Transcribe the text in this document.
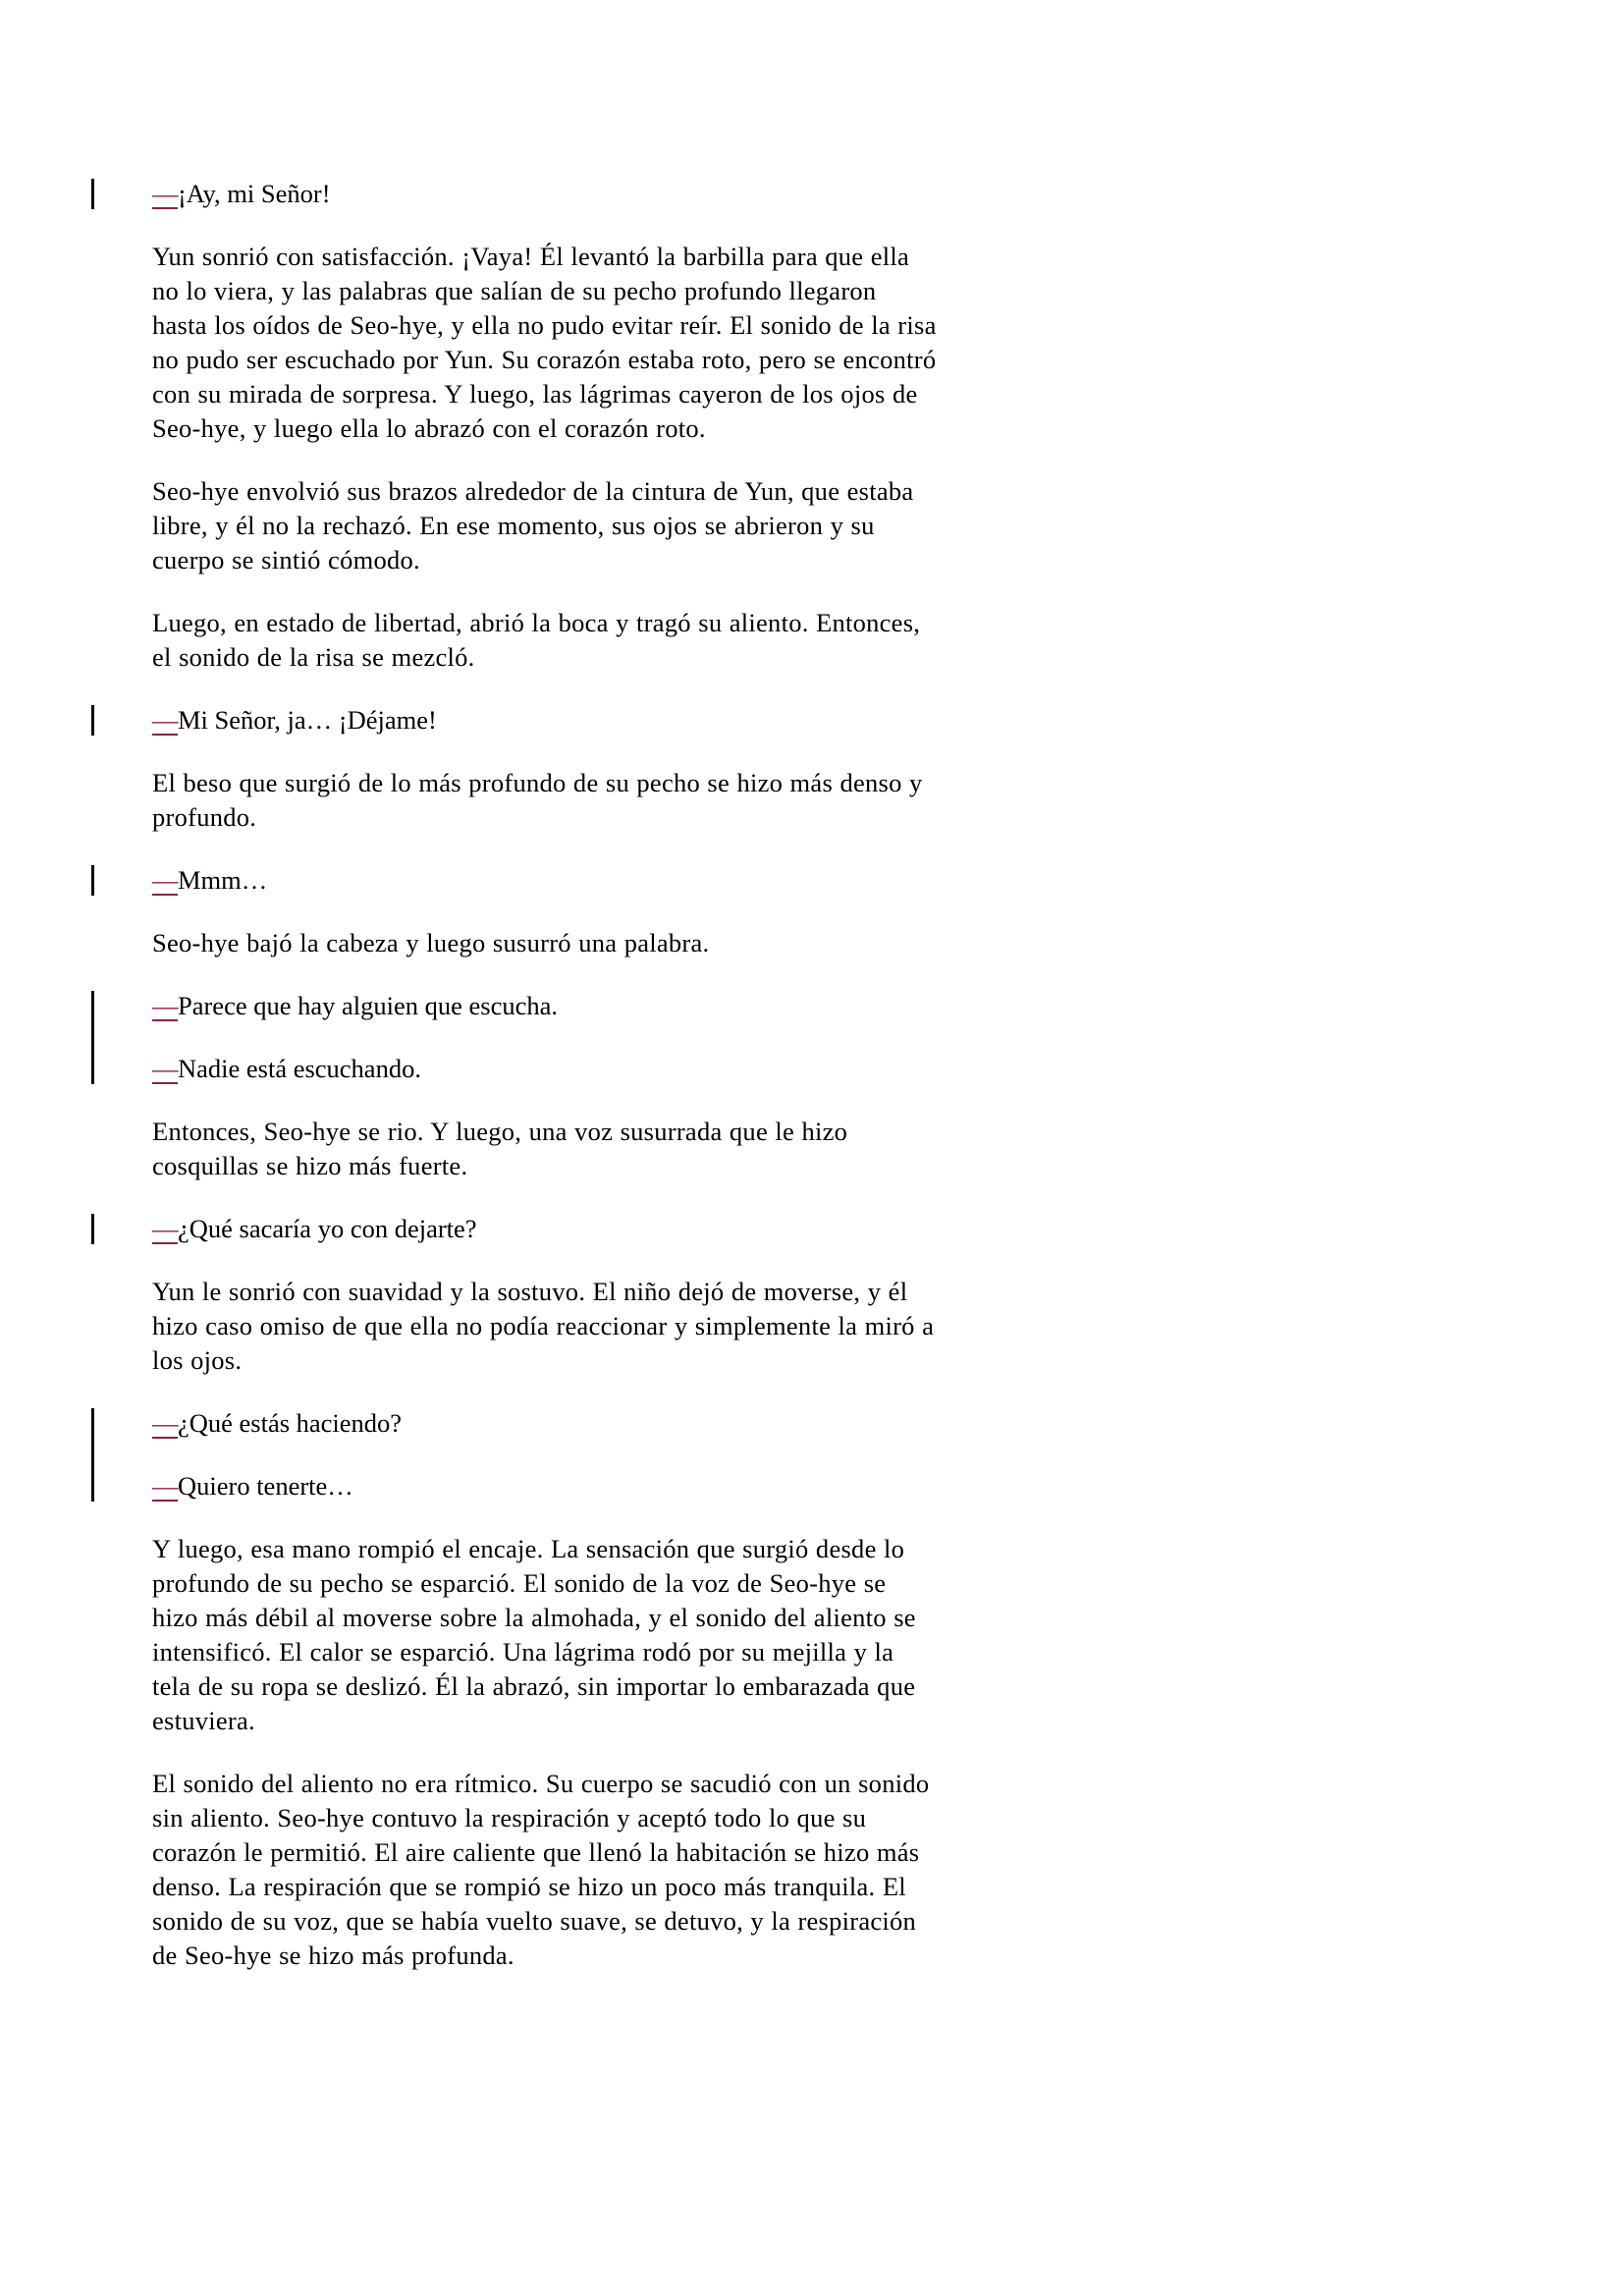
—¡Ay, mi Señor!

Yun sonrió con satisfacción. ¡Vaya! Él levantó la barbilla para que ella no lo viera, y las palabras que salían de su pecho profundo llegaron hasta los oídos de Seo-hye, y ella no pudo evitar reír. El sonido de la risa no pudo ser escuchado por Yun. Su corazón estaba roto, pero se encontró con su mirada de sorpresa. Y luego, las lágrimas cayeron de los ojos de Seo-hye, y luego ella lo abrazó con el corazón roto.

Seo-hye envolvió sus brazos alrededor de la cintura de Yun, que estaba libre, y él no la rechazó. En ese momento, sus ojos se abrieron y su cuerpo se sintió cómodo.

Luego, en estado de libertad, abrió la boca y tragó su aliento. Entonces, el sonido de la risa se mezcló.

—Mi Señor, ja… ¡Déjame!

El beso que surgió de lo más profundo de su pecho se hizo más denso y profundo.

—Mmm…

Seo-hye bajó la cabeza y luego susurró una palabra.

—Parece que hay alguien que escucha.

—Nadie está escuchando.

Entonces, Seo-hye se rio. Y luego, una voz susurrada que le hizo cosquillas se hizo más fuerte.

—¿Qué sacaría yo con dejarte?

Yun le sonrió con suavidad y la sostuvo. El niño dejó de moverse, y él hizo caso omiso de que ella no podía reaccionar y simplemente la miró a los ojos.

—¿Qué estás haciendo?

—Quiero tenerte…

Y luego, esa mano rompió el encaje. La sensación que surgió desde lo profundo de su pecho se esparció. El sonido de la voz de Seo-hye se hizo más débil al moverse sobre la almohada, y el sonido del aliento se intensificó. El calor se esparció. Una lágrima rodó por su mejilla y la tela de su ropa se deslizó. Él la abrazó, sin importar lo embarazada que estuviera.

El sonido del aliento no era rítmico. Su cuerpo se sacudió con un sonido sin aliento. Seo-hye contuvo la respiración y aceptó todo lo que su corazón le permitió. El aire caliente que llenó la habitación se hizo más denso. La respiración que se rompió se hizo un poco más tranquila. El sonido de su voz, que se había vuelto suave, se detuvo, y la respiración de Seo-hye se hizo más profunda.
